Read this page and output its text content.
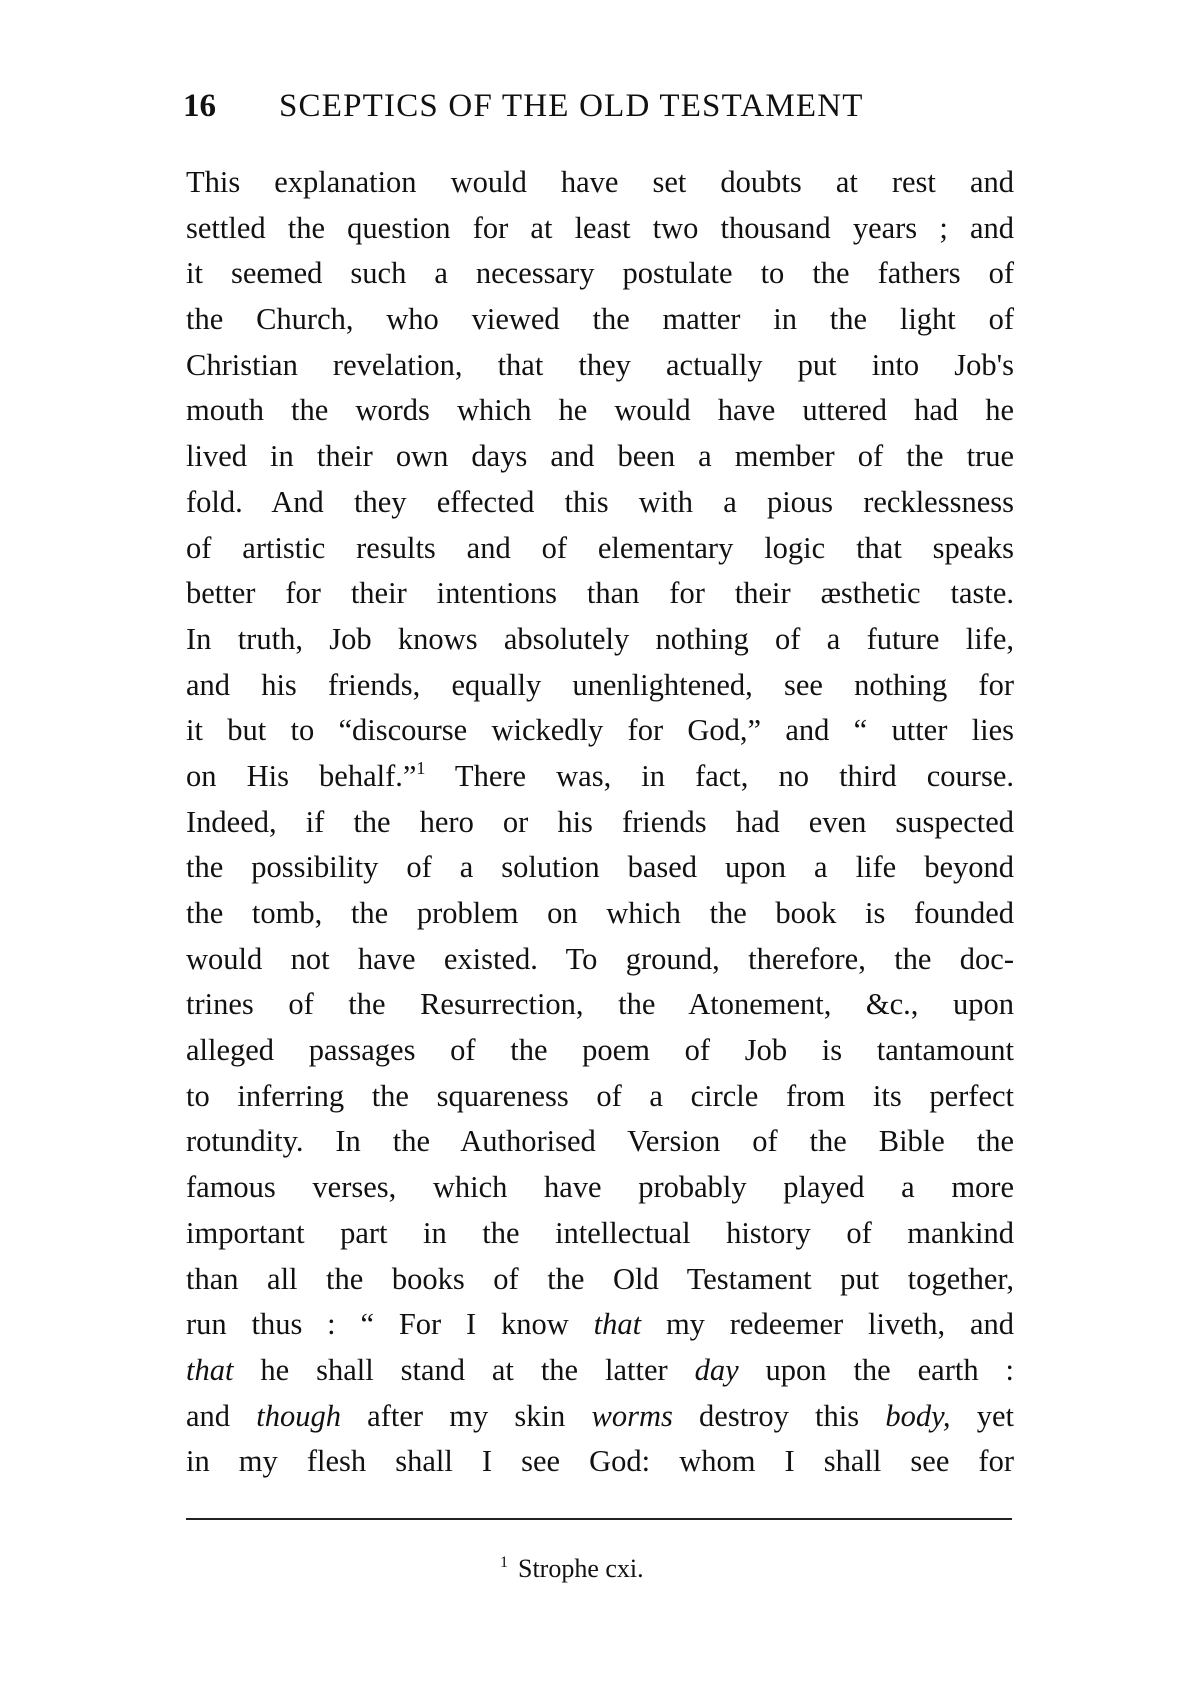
16 SCEPTICS OF THE OLD TESTAMENT
This explanation would have set doubts at rest and
settled the question for at least two thousand years ; and
it seemed such a necessary postulate to the fathers of
the Church, who viewed the matter in the light of
Christian revelation, that they actually put into Job's
mouth the words which he would have uttered had he
lived in their own days and been a member of the true
fold. And they effected this with a pious recklessness
of artistic results and of elementary logic that speaks
better for their intentions than for their æsthetic taste.
In truth, Job knows absolutely nothing of a future life,
and his friends, equally unenlightened, see nothing for
it but to “discourse wickedly for God,” and “ utter lies
on His behalf.”$^1$ There was, in fact, no third course.
Indeed, if the hero or his friends had even suspected
the possibility of a solution based upon a life beyond
the tomb, the problem on which the book is founded
would not have existed. To ground, therefore, the doc-
trines of the Resurrection, the Atonement, &c., upon
alleged passages of the poem of Job is tantamount
to inferring the squareness of a circle from its perfect
rotundity. In the Authorised Version of the Bible the
famous verses, which have probably played a more
important part in the intellectual history of mankind
than all the books of the Old Testament put together,
run thus : “ For I know that my redeemer liveth, and
that he shall stand at the latter day upon the earth :
and though after my skin worms destroy this body, yet
in my flesh shall I see God: whom I shall see for
$^1$ Strophe cxi.
